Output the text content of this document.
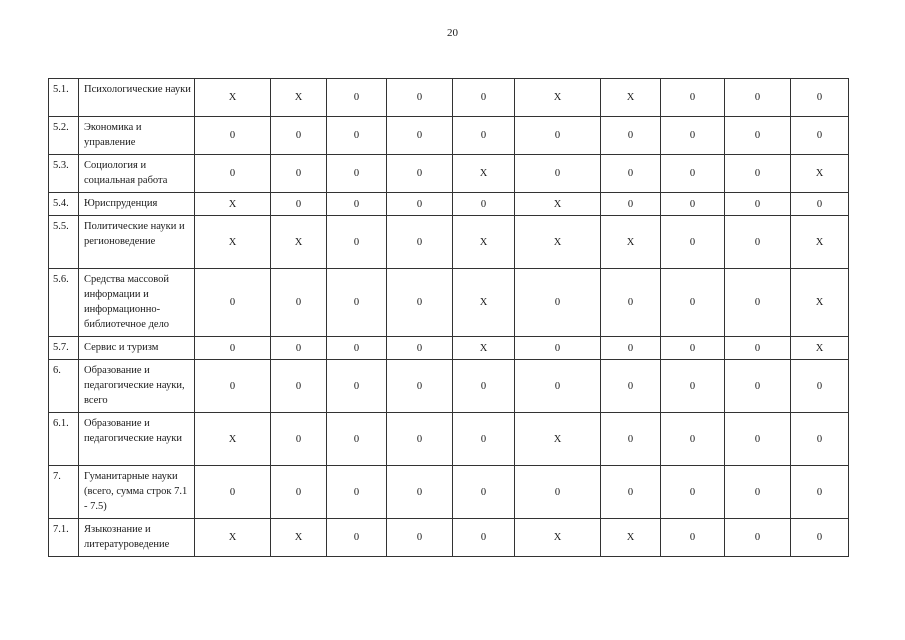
20
5.1.	Психологические науки	X	X	0	0	0	X	X	0	0	0
5.2.	Экономика и управление	0	0	0	0	0	0	0	0	0	0
5.3.	Социология и социальная работа	0	0	0	0	X	0	0	0	0	X
5.4.	Юриспруденция	X	0	0	0	0	X	0	0	0	0
5.5.	Политические науки и регионоведение	X	X	0	0	X	X	X	0	0	X
5.6.	Средства массовой информации и информационно-библиотечное дело	0	0	0	0	X	0	0	0	0	X
5.7.	Сервис и туризм	0	0	0	0	X	0	0	0	0	X
6.	Образование и педагогические науки, всего	0	0	0	0	0	0	0	0	0	0
6.1.	Образование и педагогические науки	X	0	0	0	0	X	0	0	0	0
7.	Гуманитарные науки (всего, сумма строк 7.1 - 7.5)	0	0	0	0	0	0	0	0	0	0
7.1.	Языкознание и литературоведение	X	X	0	0	0	X	X	0	0	0
